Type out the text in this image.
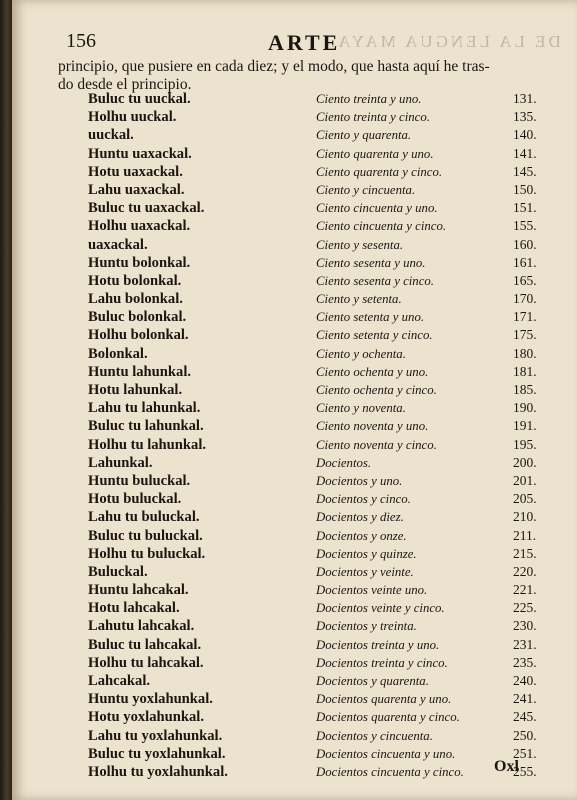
156	ARTE
DE LA LENGUA MAYA.
principio, que pusiere en cada diez; y el modo, que hasta aquí he tras-
do desde el principio.
Buluc tu uuckal.	Ciento treinta y uno.	131.
Holhu uuckal.	Ciento treinta y cinco.	135.
uuckal.	Ciento y quarenta.	140.
Huntu uaxackal.	Ciento quarenta y uno.	141.
Hotu uaxackal.	Ciento quarenta y cinco.	145.
Lahu uaxackal.	Ciento y cincuenta.	150.
Buluc tu uaxackal.	Ciento cincuenta y uno.	151.
Holhu uaxackal.	Ciento cincuenta y cinco.	155.
uaxackal.	Ciento y sesenta.	160.
Huntu bolonkal.	Ciento sesenta y uno.	161.
Hotu bolonkal.	Ciento sesenta y cinco.	165.
Lahu bolonkal.	Ciento y setenta.	170.
Buluc bolonkal.	Ciento setenta y uno.	171.
Holhu bolonkal.	Ciento setenta y cinco.	175.
Bolonkal.	Ciento y ochenta.	180.
Huntu lahunkal.	Ciento ochenta y uno.	181.
Hotu lahunkal.	Ciento ochenta y cinco.	185.
Lahu tu lahunkal.	Ciento y noventa.	190.
Buluc tu lahunkal.	Ciento noventa y uno.	191.
Holhu tu lahunkal.	Ciento noventa y cinco.	195.
Lahunkal.	Docientos.	200.
Huntu buluckal.	Docientos y uno.	201.
Hotu buluckal.	Docientos y cinco.	205.
Lahu tu buluckal.	Docientos y diez.	210.
Buluc tu buluckal.	Docientos y onze.	211.
Holhu tu buluckal.	Docientos y quinze.	215.
Buluckal.	Docientos y veinte.	220.
Huntu lahcakal.	Docientos veinte uno.	221.
Hotu lahcakal.	Docientos veinte y cinco.	225.
Lahutu lahcakal.	Docientos y treinta.	230.
Buluc tu lahcakal.	Docientos treinta y uno.	231.
Holhu tu lahcakal.	Docientos treinta y cinco.	235.
Lahcakal.	Docientos y quarenta.	240.
Huntu yoxlahunkal.	Docientos quarenta y uno.	241.
Hotu yoxlahunkal.	Docientos quarenta y cinco.	245.
Lahu tu yoxlahunkal.	Docientos y cincuenta.	250.
Buluc tu yoxlahunkal.	Docientos cincuenta y uno.	251.
Holhu tu yoxlahunkal.	Docientos cincuenta y cinco.	255.
Oxl
